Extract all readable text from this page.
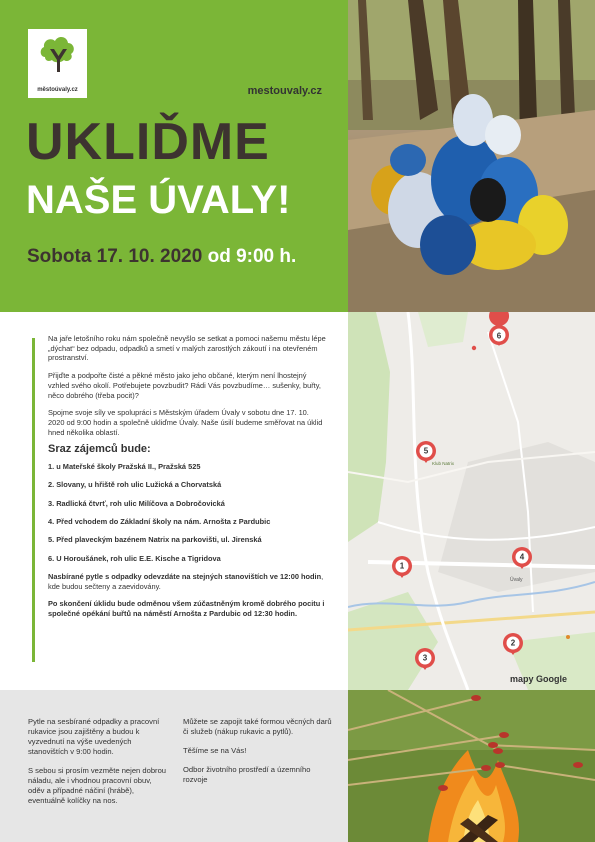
městoúvaly.cz	mestouvaly.cz
UKLIĎME
NAŠE ÚVALY!
Sobota 17. 10. 2020 od 9:00 h.

Na jaře letošního roku nám společně nevyšlo se setkat a pomoci našemu městu lépe „dýchat“ bez odpadu, odpadků a smetí v malých zarostlých zákoutí i na otevřeném prostranství.

Přijďte a podpořte čisté a pěkné město jako jeho občané, kterým není lhostejný vzhled svého okolí. Potřebujete povzbudit? Rádi Vás povzbudíme… sušenky, buřty, něco dobrého (třeba pocit)?

Spojme svoje síly ve spolupráci s Městským úřadem Úvaly v sobotu dne 17. 10. 2020 od 9:00 hodin a společně ukliďme Úvaly. Naše úsilí budeme směřovat na úklid hned několika oblastí.

Sraz zájemců bude:
1. u Mateřské školy Pražská II., Pražská 525
2. Slovany, u hřiště roh ulic Lužická a Chorvatská
3. Radlická čtvrť, roh ulic Milíčova a Dobročovická
4. Před vchodem do Základní školy na nám. Arnošta z Pardubic
5. Před plaveckým bazénem Natrix na parkovišti, ul. Jirenská
6. U Horoušánek, roh ulic E.E. Kische a Tigridova

Nasbírané pytle s odpadky odevzdáte na stejných stanovištích ve 12:00 hodin, kde budou sečteny a zaevidovány.

Po skončení úklidu bude odměnou všem zúčastněným kromě dobrého pocitu i společné opékání buřtů na náměstí Arnošta z Pardubic od 12:30 hodin.

6
5
4
1
2
3
Klub Natrix
Úvaly
mapy Google

Pytle na sesbírané odpadky a pracovní rukavice jsou zajištěny a budou k vyzvednutí na výše uvedených stanovištích v 9:00 hodin.

S sebou si prosím vezměte nejen dobrou náladu, ale i vhodnou pracovní obuv, oděv a případné náčiní (hrábě), eventuálně kolíčky na nos.

Můžete se zapojit také formou věcných darů či služeb (nákup rukavic a pytlů).

Těšíme se na Vás!

Odbor životního prostředí a územního rozvoje
